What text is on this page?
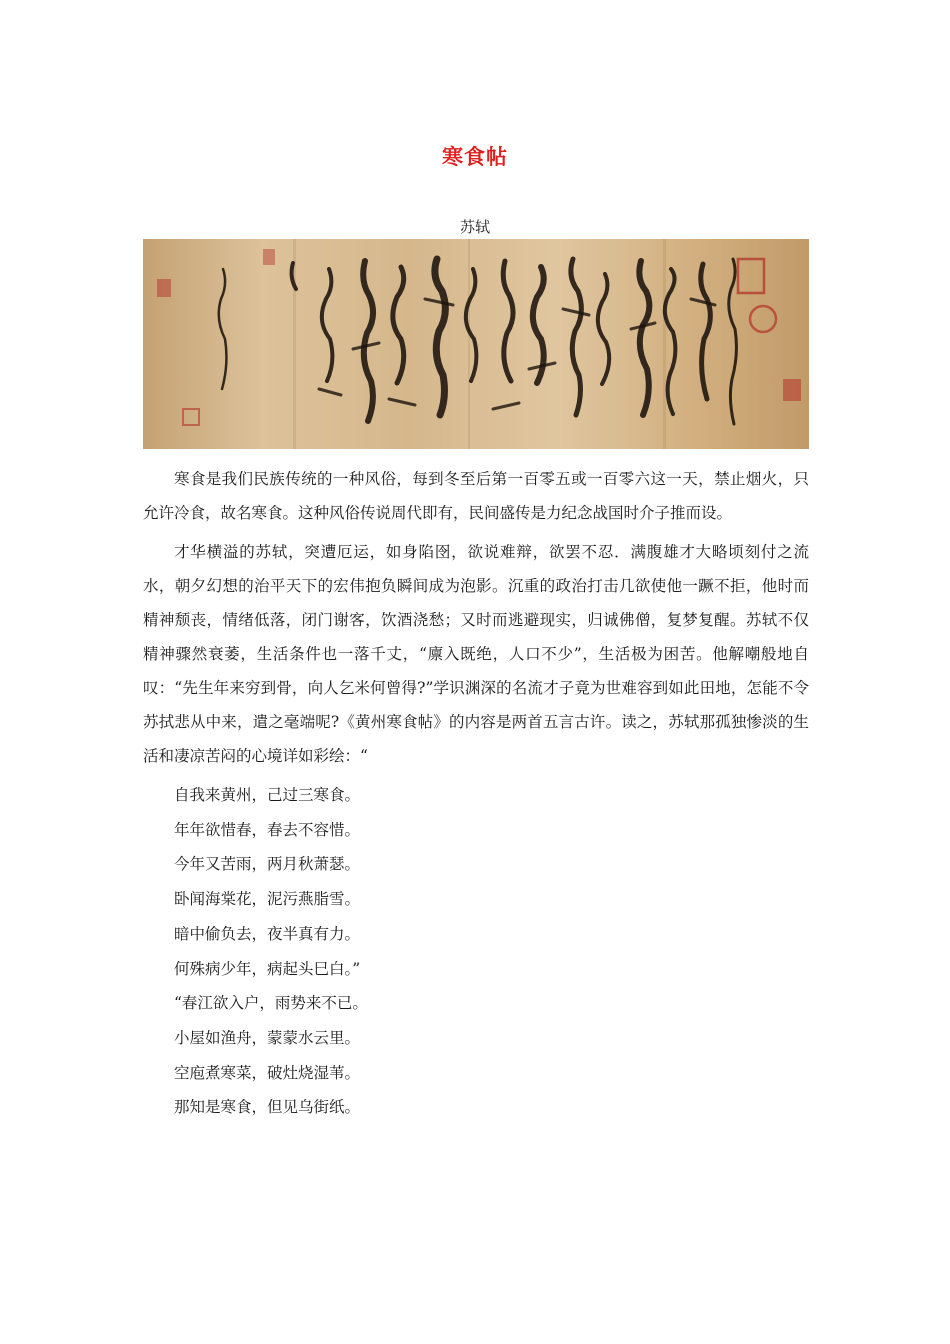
寒食帖
苏轼

寒食是我们民族传统的一种风俗，每到冬至后第一百零五或一百零六这一天，禁止烟火，只允许冷食，故名寒食。这种风俗传说周代即有，民间盛传是力纪念战国时介子推而设。

才华横溢的苏轼，突遭厄运，如身陷囹，欲说难辩，欲罢不忍．满腹雄才大略顷刻付之流水，朝夕幻想的治平天下的宏伟抱负瞬间成为泡影。沉重的政治打击几欲使他一蹶不拒，他时而精神颓丧，情绪低落，闭门谢客，饮酒浇愁；又时而逃避现实，归诚佛僧，复梦复醒。苏轼不仅精神骤然衰萎，生活条件也一落千丈，“廪入既绝，人口不少”，生活极为困苦。他解嘲般地自叹：“先生年来穷到骨，向人乞米何曾得?”学识渊深的名流才子竟为世难容到如此田地，怎能不令苏拭悲从中来，遣之毫端呢?《黄州寒食帖》的内容是两首五言古许。读之，苏轼那孤独惨淡的生活和凄凉苦闷的心境详如彩绘：“

自我来黄州，己过三寒食。

年年欲惜春，春去不容惜。

今年又苦雨，两月秋萧瑟。

卧闻海棠花，泥污燕脂雪。

暗中偷负去，夜半真有力。

何殊病少年，病起头巳白。”

“春江欲入户，雨势来不已。

小屋如渔舟，蒙蒙水云里。

空庖煮寒菜，破灶烧湿苇。

那知是寒食，但见乌街纸。
